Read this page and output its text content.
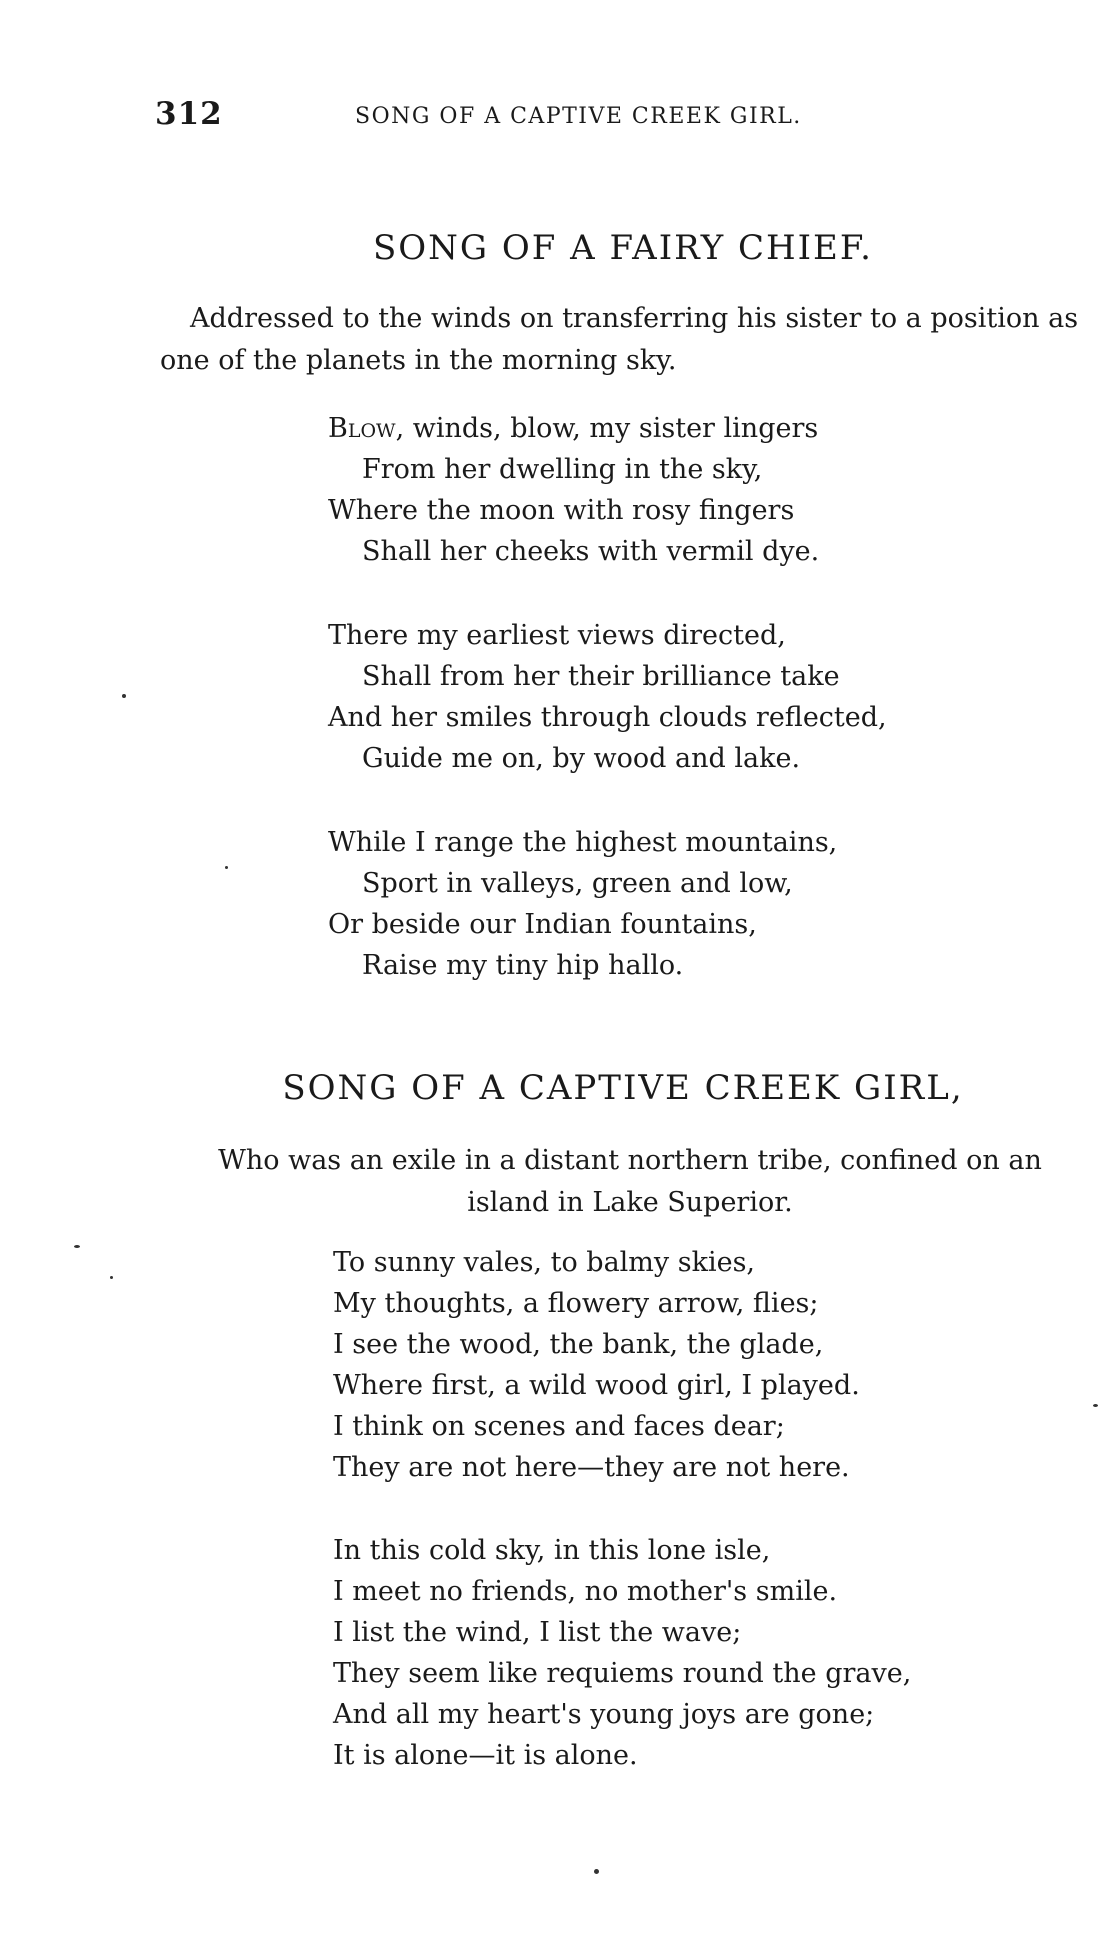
312	SONG OF A CAPTIVE CREEK GIRL.
SONG OF A FAIRY CHIEF.
Addressed to the winds on transferring his sister to a position as one of the planets in the morning sky.
Blow, winds, blow, my sister lingers
From her dwelling in the sky,
Where the moon with rosy fingers
Shall her cheeks with vermil dye.
There my earliest views directed,
Shall from her their brilliance take
And her smiles through clouds reflected,
Guide me on, by wood and lake.
While I range the highest mountains,
Sport in valleys, green and low,
Or beside our Indian fountains,
Raise my tiny hip hallo.
SONG OF A CAPTIVE CREEK GIRL,
Who was an exile in a distant northern tribe, confined on an
island in Lake Superior.
To sunny vales, to balmy skies,
My thoughts, a flowery arrow, flies;
I see the wood, the bank, the glade,
Where first, a wild wood girl, I played.
I think on scenes and faces dear;
They are not here—they are not here.
In this cold sky, in this lone isle,
I meet no friends, no mother's smile.
I list the wind, I list the wave;
They seem like requiems round the grave,
And all my heart's young joys are gone;
It is alone—it is alone.
